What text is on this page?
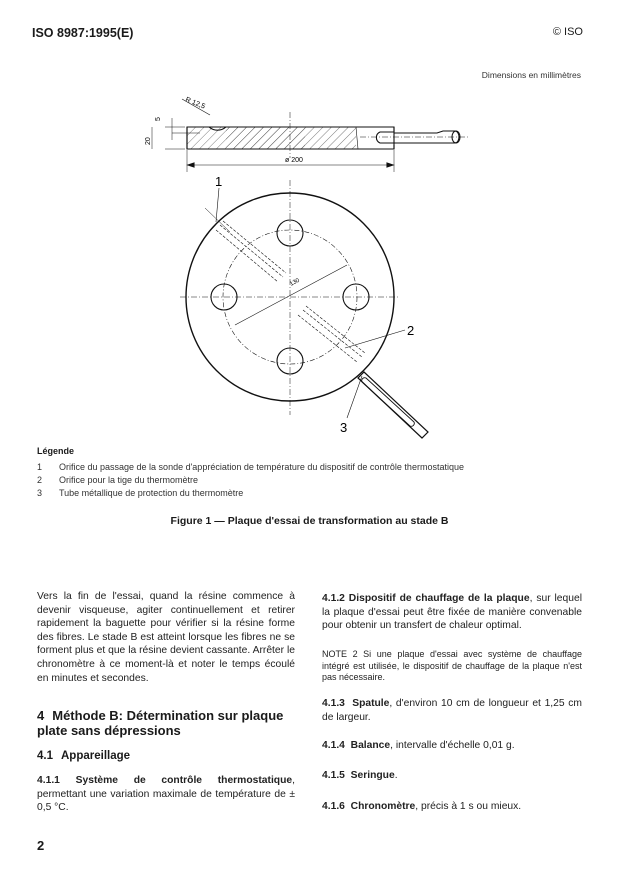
ISO 8987:1995(E)	© ISO
Dimensions en millimètres
R 12,5
5
20
ø 200
130
1
2
3
Légende
1	Orifice du passage de la sonde d'appréciation de température du dispositif de contrôle thermostatique
2	Orifice pour la tige du thermomètre
3	Tube métallique de protection du thermomètre
Figure 1 — Plaque d'essai de transformation au stade B
Vers la fin de l'essai, quand la résine commence à devenir visqueuse, agiter continuellement et retirer rapidement la baguette pour vérifier si la résine forme des fibres. Le stade B est atteint lorsque les fibres ne se forment plus et que la résine devient cassante. Arrêter le chronomètre à ce moment-là et noter le temps écoulé en minutes et secondes.
4 Méthode B: Détermination sur plaque plate sans dépressions
4.1 Appareillage
4.1.1 Système de contrôle thermostatique, permettant une variation maximale de température de ± 0,5 °C.
4.1.2 Dispositif de chauffage de la plaque, sur lequel la plaque d'essai peut être fixée de manière convenable pour obtenir un transfert de chaleur optimal.
NOTE 2 Si une plaque d'essai avec système de chauffage intégré est utilisée, le dispositif de chauffage de la plaque n'est pas nécessaire.
4.1.3 Spatule, d'environ 10 cm de longueur et 1,25 cm de largeur.
4.1.4 Balance, intervalle d'échelle 0,01 g.
4.1.5 Seringue.
4.1.6 Chronomètre, précis à 1 s ou mieux.
2
